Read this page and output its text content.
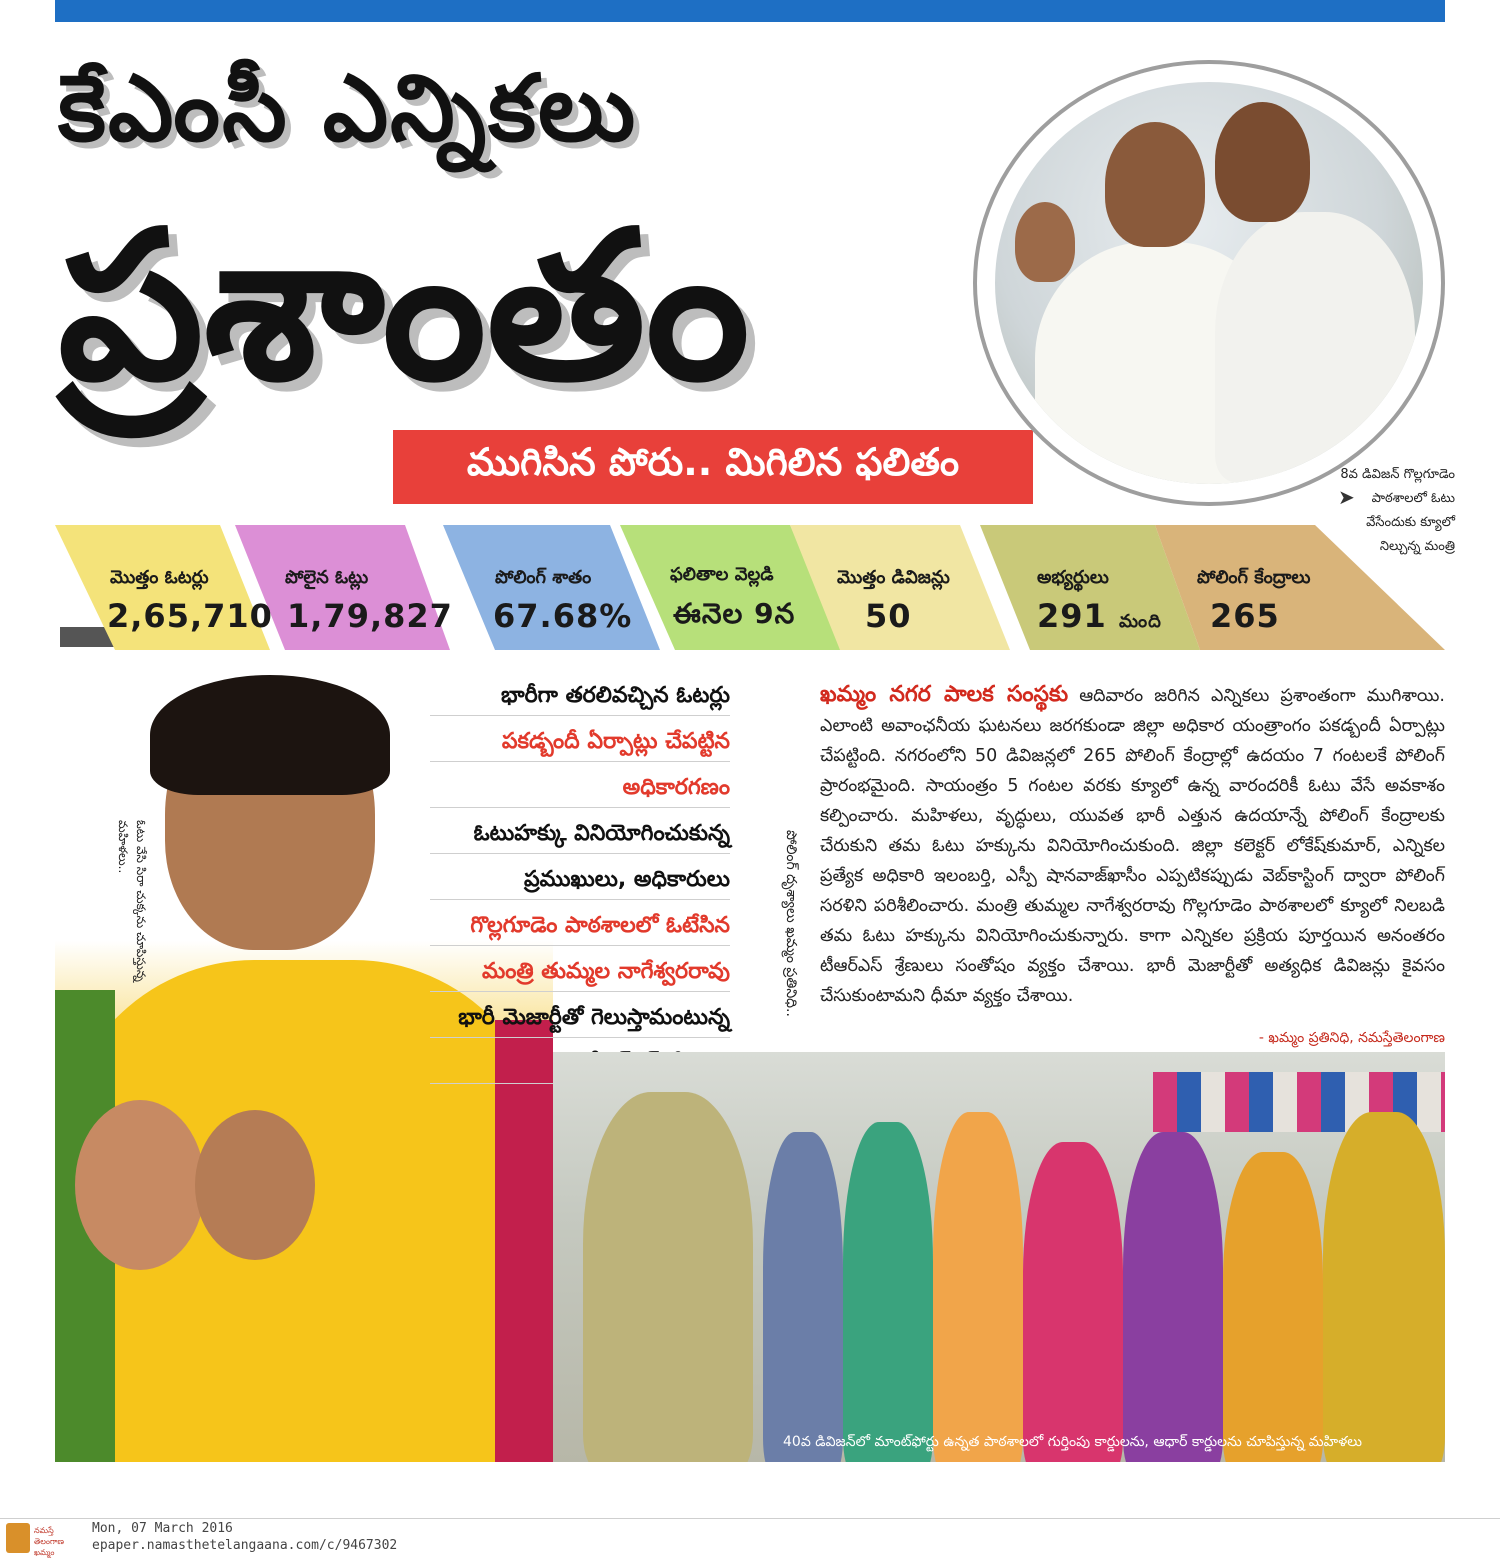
కేఎంసీ ఎన్నికలు
ప్రశాంతం
ముగిసిన పోరు.. మిగిలిన ఫలితం
➤
8వ డివిజన్ గొల్లగూడెం పాఠశాలలో ఓటు వేసేందుకు క్యూలో నిల్చున్న మంత్రి
మొత్తం ఓటర్లు
2,65,710
పోలైన ఓట్లు
1,79,827
పోలింగ్ శాతం
67.68%
ఫలితాల వెల్లడి
ఈనెల 9న
మొత్తం డివిజన్లు
50
అభ్యర్థులు
291 మంది
పోలింగ్ కేంద్రాలు
265
ఓటు వేసి సిరా చుక్కను చూపిస్తున్న మహిళలు..
భారీగా తరలివచ్చిన ఓటర్లు
పకడ్బందీ ఏర్పాట్లు చేపట్టిన
అధికారగణం
ఓటుహక్కు వినియోగించుకున్న
ప్రముఖులు, అధికారులు
గొల్లగూడెం పాఠశాలలో ఓటేసిన
మంత్రి తుమ్మల నాగేశ్వరరావు
భారీ మెజార్టీతో గెలుస్తామంటున్న
పోలింగ్ దృశ్యాలు ఖమ్మం ప్రతినిధి..
ఖమ్మం నగర పాలక సంస్థకు ఆదివారం జరిగిన ఎన్నికలు ప్రశాంతంగా ముగిశాయి. ఎలాంటి అవాంఛనీయ ఘటనలు జరగకుండా జిల్లా అధికార యంత్రాంగం పకడ్బందీ ఏర్పాట్లు చేపట్టింది. నగరంలోని 50 డివిజన్లలో 265 పోలింగ్ కేంద్రాల్లో ఉదయం 7 గంటలకే పోలింగ్ ప్రారంభమైంది. సాయంత్రం 5 గంటల వరకు క్యూలో ఉన్న వారందరికీ ఓటు వేసే అవకాశం కల్పించారు. మహిళలు, వృద్ధులు, యువత భారీ ఎత్తున ఉదయాన్నే పోలింగ్ కేంద్రాలకు చేరుకుని తమ ఓటు హక్కును వినియోగించుకుంది. జిల్లా కలెక్టర్ లోకేష్‌కుమార్, ఎన్నికల ప్రత్యేక అధికారి ఇలంబర్తి, ఎస్పీ షానవాజ్‌ఖాసీం ఎప్పటికప్పుడు వెబ్‌కాస్టింగ్ ద్వారా పోలింగ్ సరళిని పరిశీలించారు. మంత్రి తుమ్మల నాగేశ్వరరావు గొల్లగూడెం పాఠశాలలో క్యూలో నిలబడి తమ ఓటు హక్కును వినియోగించుకున్నారు. కాగా ఎన్నికల ప్రక్రియ పూర్తయిన అనంతరం టీఆర్ఎస్ శ్రేణులు సంతోషం వ్యక్తం చేశాయి. భారీ మెజార్టీతో అత్యధిక డివిజన్లు కైవసం చేసుకుంటామని ధీమా వ్యక్తం చేశాయి.
- ఖమ్మం ప్రతినిధి, నమస్తేతెలంగాణ
40వ డివిజన్‌లో మాంట్‌ఫోర్టు ఉన్నత పాఠశాలలో గుర్తింపు కార్డులను, ఆధార్ కార్డులను చూపిస్తున్న మహిళలు
నమస్తే తెలంగాణ ఖమ్మం
Mon, 07 March 2016
epaper.namasthetelangaana.com/c/9467302
